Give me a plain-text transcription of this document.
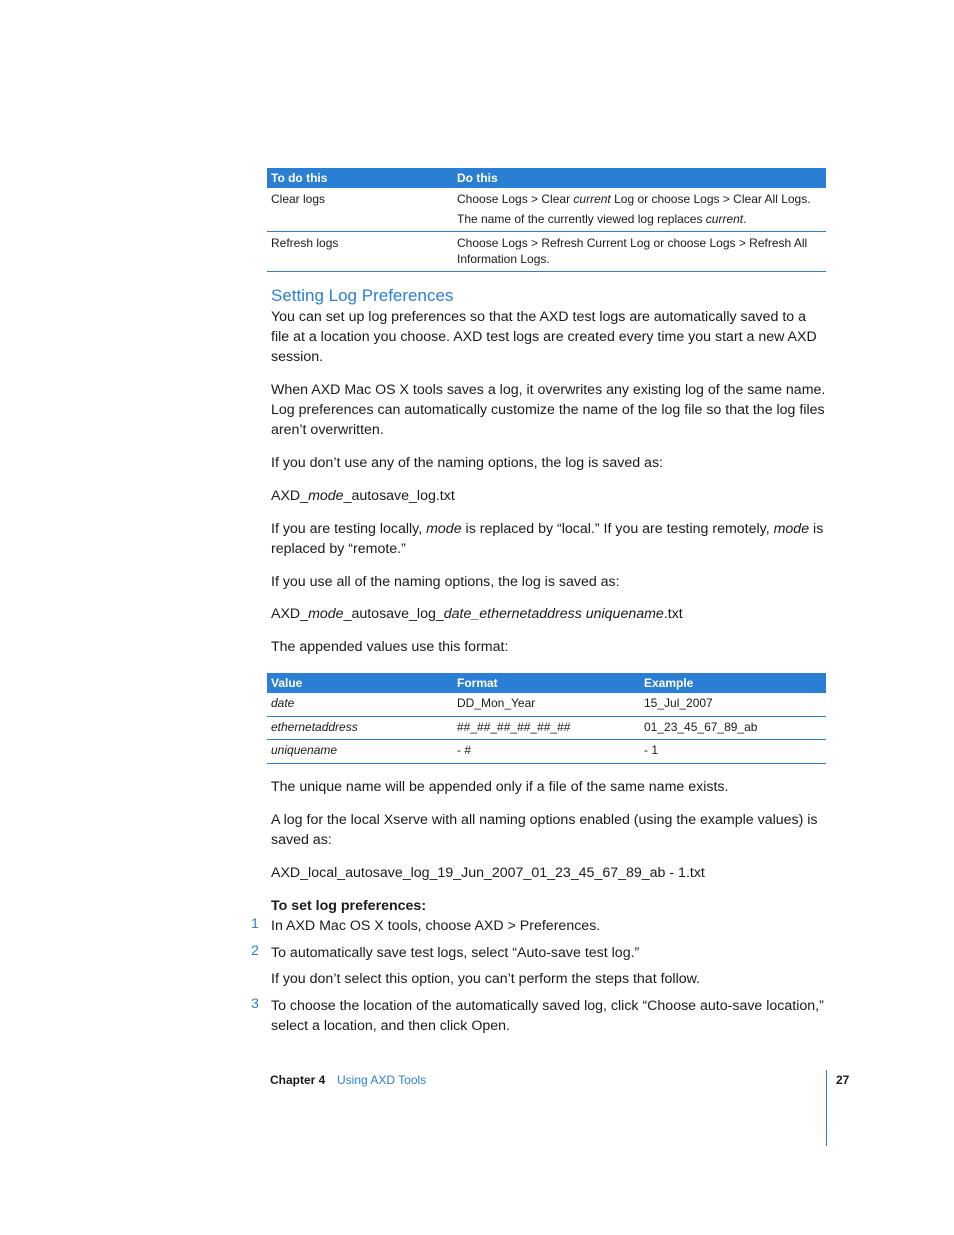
To do this	Do this
Clear logs	Choose Logs > Clear current Log or choose Logs > Clear All Logs.
The name of the currently viewed log replaces current.
Refresh logs	Choose Logs > Refresh Current Log or choose Logs > Refresh All
Information Logs.
Setting Log Preferences
You can set up log preferences so that the AXD test logs are automatically saved to a file at a location you choose. AXD test logs are created every time you start a new AXD session.
When AXD Mac OS X tools saves a log, it overwrites any existing log of the same name. Log preferences can automatically customize the name of the log file so that the log files aren’t overwritten.
If you don’t use any of the naming options, the log is saved as:
AXD_mode_autosave_log.txt
If you are testing locally, mode is replaced by “local.” If you are testing remotely, mode is replaced by “remote.”
If you use all of the naming options, the log is saved as:
AXD_mode_autosave_log_date_ethernetaddress uniquename.txt
The appended values use this format:
Value	Format	Example
date	DD_Mon_Year	15_Jul_2007
ethernetaddress	##_##_##_##_##_##	01_23_45_67_89_ab
uniquename	- #	- 1
The unique name will be appended only if a file of the same name exists.
A log for the local Xserve with all naming options enabled (using the example values) is saved as:
AXD_local_autosave_log_19_Jun_2007_01_23_45_67_89_ab - 1.txt
To set log preferences:
1 In AXD Mac OS X tools, choose AXD > Preferences.
2 To automatically save test logs, select “Auto-save test log.”
If you don’t select this option, you can’t perform the steps that follow.
3 To choose the location of the automatically saved log, click “Choose auto-save location,” select a location, and then click Open.
Chapter 4 Using AXD Tools	27
